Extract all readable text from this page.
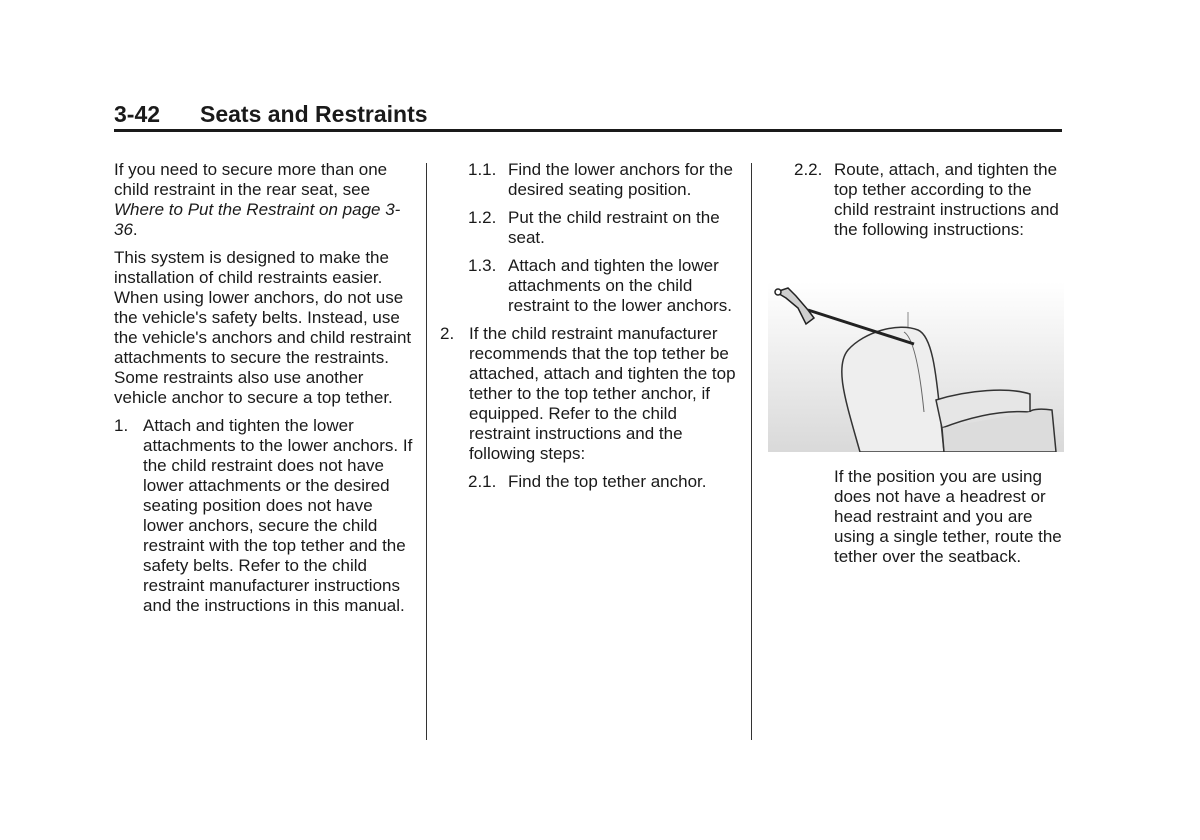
3-42 Seats and Restraints

If you need to secure more than one child restraint in the rear seat, see Where to Put the Restraint on page 3-36.

This system is designed to make the installation of child restraints easier. When using lower anchors, do not use the vehicle's safety belts. Instead, use the vehicle's anchors and child restraint attachments to secure the restraints. Some restraints also use another vehicle anchor to secure a top tether.

1. Attach and tighten the lower attachments to the lower anchors. If the child restraint does not have lower attachments or the desired seating position does not have lower anchors, secure the child restraint with the top tether and the safety belts. Refer to the child restraint manufacturer instructions and the instructions in this manual.
1.1. Find the lower anchors for the desired seating position.
1.2. Put the child restraint on the seat.
1.3. Attach and tighten the lower attachments on the child restraint to the lower anchors.
2. If the child restraint manufacturer recommends that the top tether be attached, attach and tighten the top tether to the top tether anchor, if equipped. Refer to the child restraint instructions and the following steps:
2.1. Find the top tether anchor.
2.2. Route, attach, and tighten the top tether according to the child restraint instructions and the following instructions:
If the position you are using does not have a headrest or head restraint and you are using a single tether, route the tether over the seatback.
